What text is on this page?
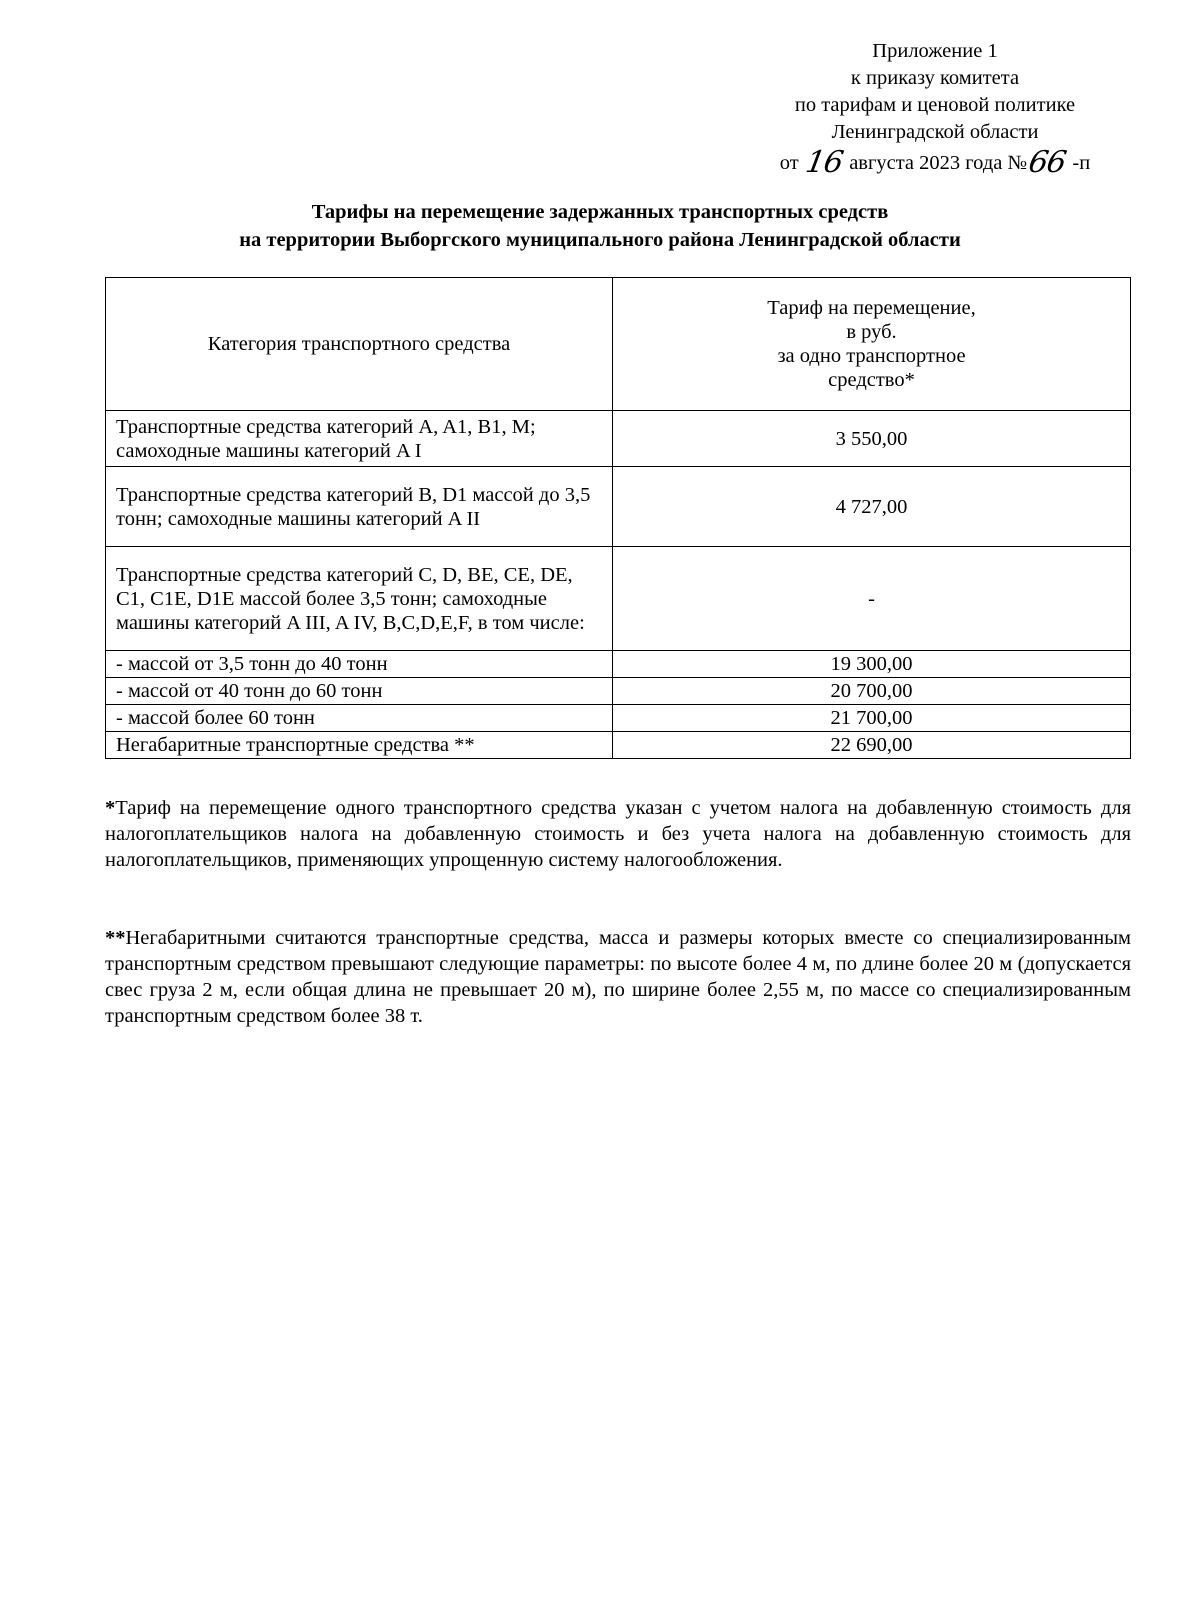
Приложение 1
к приказу комитета
по тарифам и ценовой политике
Ленинградской области
от 16 августа 2023 года №66 -п
Тарифы на перемещение задержанных транспортных средств
на территории Выборгского муниципального района Ленинградской области
Категория транспортного средства	Тариф на перемещение,
в руб.
за одно транспортное
средство*

Транспортные средства категорий A, A1, B1, M; самоходные машины категорий A I	3 550,00
Транспортные средства категорий B, D1 массой до 3,5 тонн; самоходные машины категорий A II	4 727,00
Транспортные средства категорий C, D, BE, CE, DE, C1, C1E, D1E массой более 3,5 тонн; самоходные машины категорий A III, A IV, B,C,D,E,F, в том числе:	-
- массой от 3,5 тонн до 40 тонн	19 300,00
- массой от 40 тонн до 60 тонн	20 700,00
- массой более 60 тонн	21 700,00
Негабаритные транспортные средства **	22 690,00
*Тариф на перемещение одного транспортного средства указан с учетом налога на добавленную стоимость для налогоплательщиков налога на добавленную стоимость и без учета налога на добавленную стоимость для налогоплательщиков, применяющих упрощенную систему налогообложения.
**Негабаритными считаются транспортные средства, масса и размеры которых вместе со специализированным транспортным средством превышают следующие параметры: по высоте более 4 м, по длине более 20 м (допускается свес груза 2 м, если общая длина не превышает 20 м), по ширине более 2,55 м, по массе со специализированным транспортным средством более 38 т.
